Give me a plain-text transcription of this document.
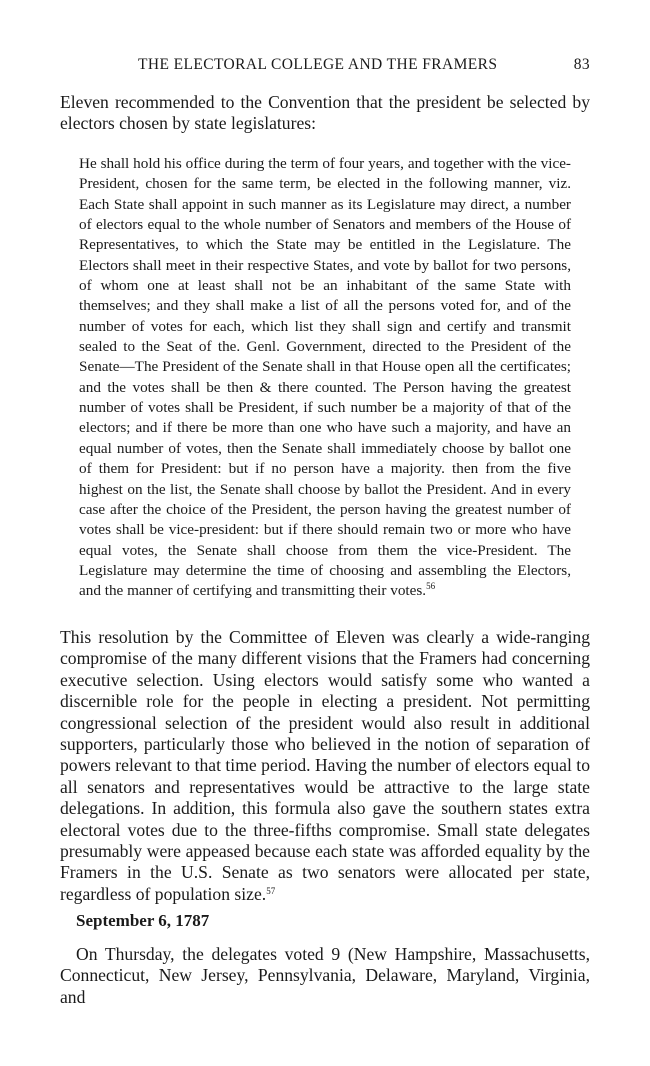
THE ELECTORAL COLLEGE AND THE FRAMERS	83

Eleven recommended to the Convention that the president be selected by electors chosen by state legislatures:

He shall hold his office during the term of four years, and together with the vice-President, chosen for the same term, be elected in the following manner, viz. Each State shall appoint in such manner as its Legislature may direct, a number of electors equal to the whole number of Senators and members of the House of Representatives, to which the State may be entitled in the Legislature. The Electors shall meet in their respective States, and vote by ballot for two persons, of whom one at least shall not be an inhabitant of the same State with themselves; and they shall make a list of all the persons voted for, and of the number of votes for each, which list they shall sign and certify and transmit sealed to the Seat of the. Genl. Government, directed to the President of the Senate—The President of the Senate shall in that House open all the certificates; and the votes shall be then & there counted. The Person having the greatest number of votes shall be President, if such number be a majority of that of the electors; and if there be more than one who have such a majority, and have an equal number of votes, then the Senate shall immediately choose by ballot one of them for President: but if no person have a majority. then from the five highest on the list, the Senate shall choose by ballot the President. And in every case after the choice of the President, the person having the greatest number of votes shall be vice-president: but if there should remain two or more who have equal votes, the Senate shall choose from them the vice-President. The Legislature may determine the time of choosing and assembling the Electors, and the manner of certifying and transmitting their votes.$^{56}$

This resolution by the Committee of Eleven was clearly a wide-ranging compromise of the many different visions that the Framers had concerning executive selection. Using electors would satisfy some who wanted a discernible role for the people in electing a president. Not permitting congressional selection of the president would also result in additional supporters, particularly those who believed in the notion of separation of powers relevant to that time period. Having the number of electors equal to all senators and representatives would be attractive to the large state delegations. In addition, this formula also gave the southern states extra electoral votes due to the three-fifths compromise. Small state delegates presumably were appeased because each state was afforded equality by the Framers in the U.S. Senate as two senators were allocated per state, regardless of population size.$^{57}$

September 6, 1787

On Thursday, the delegates voted 9 (New Hampshire, Massachusetts, Connecticut, New Jersey, Pennsylvania, Delaware, Maryland, Virginia, and
